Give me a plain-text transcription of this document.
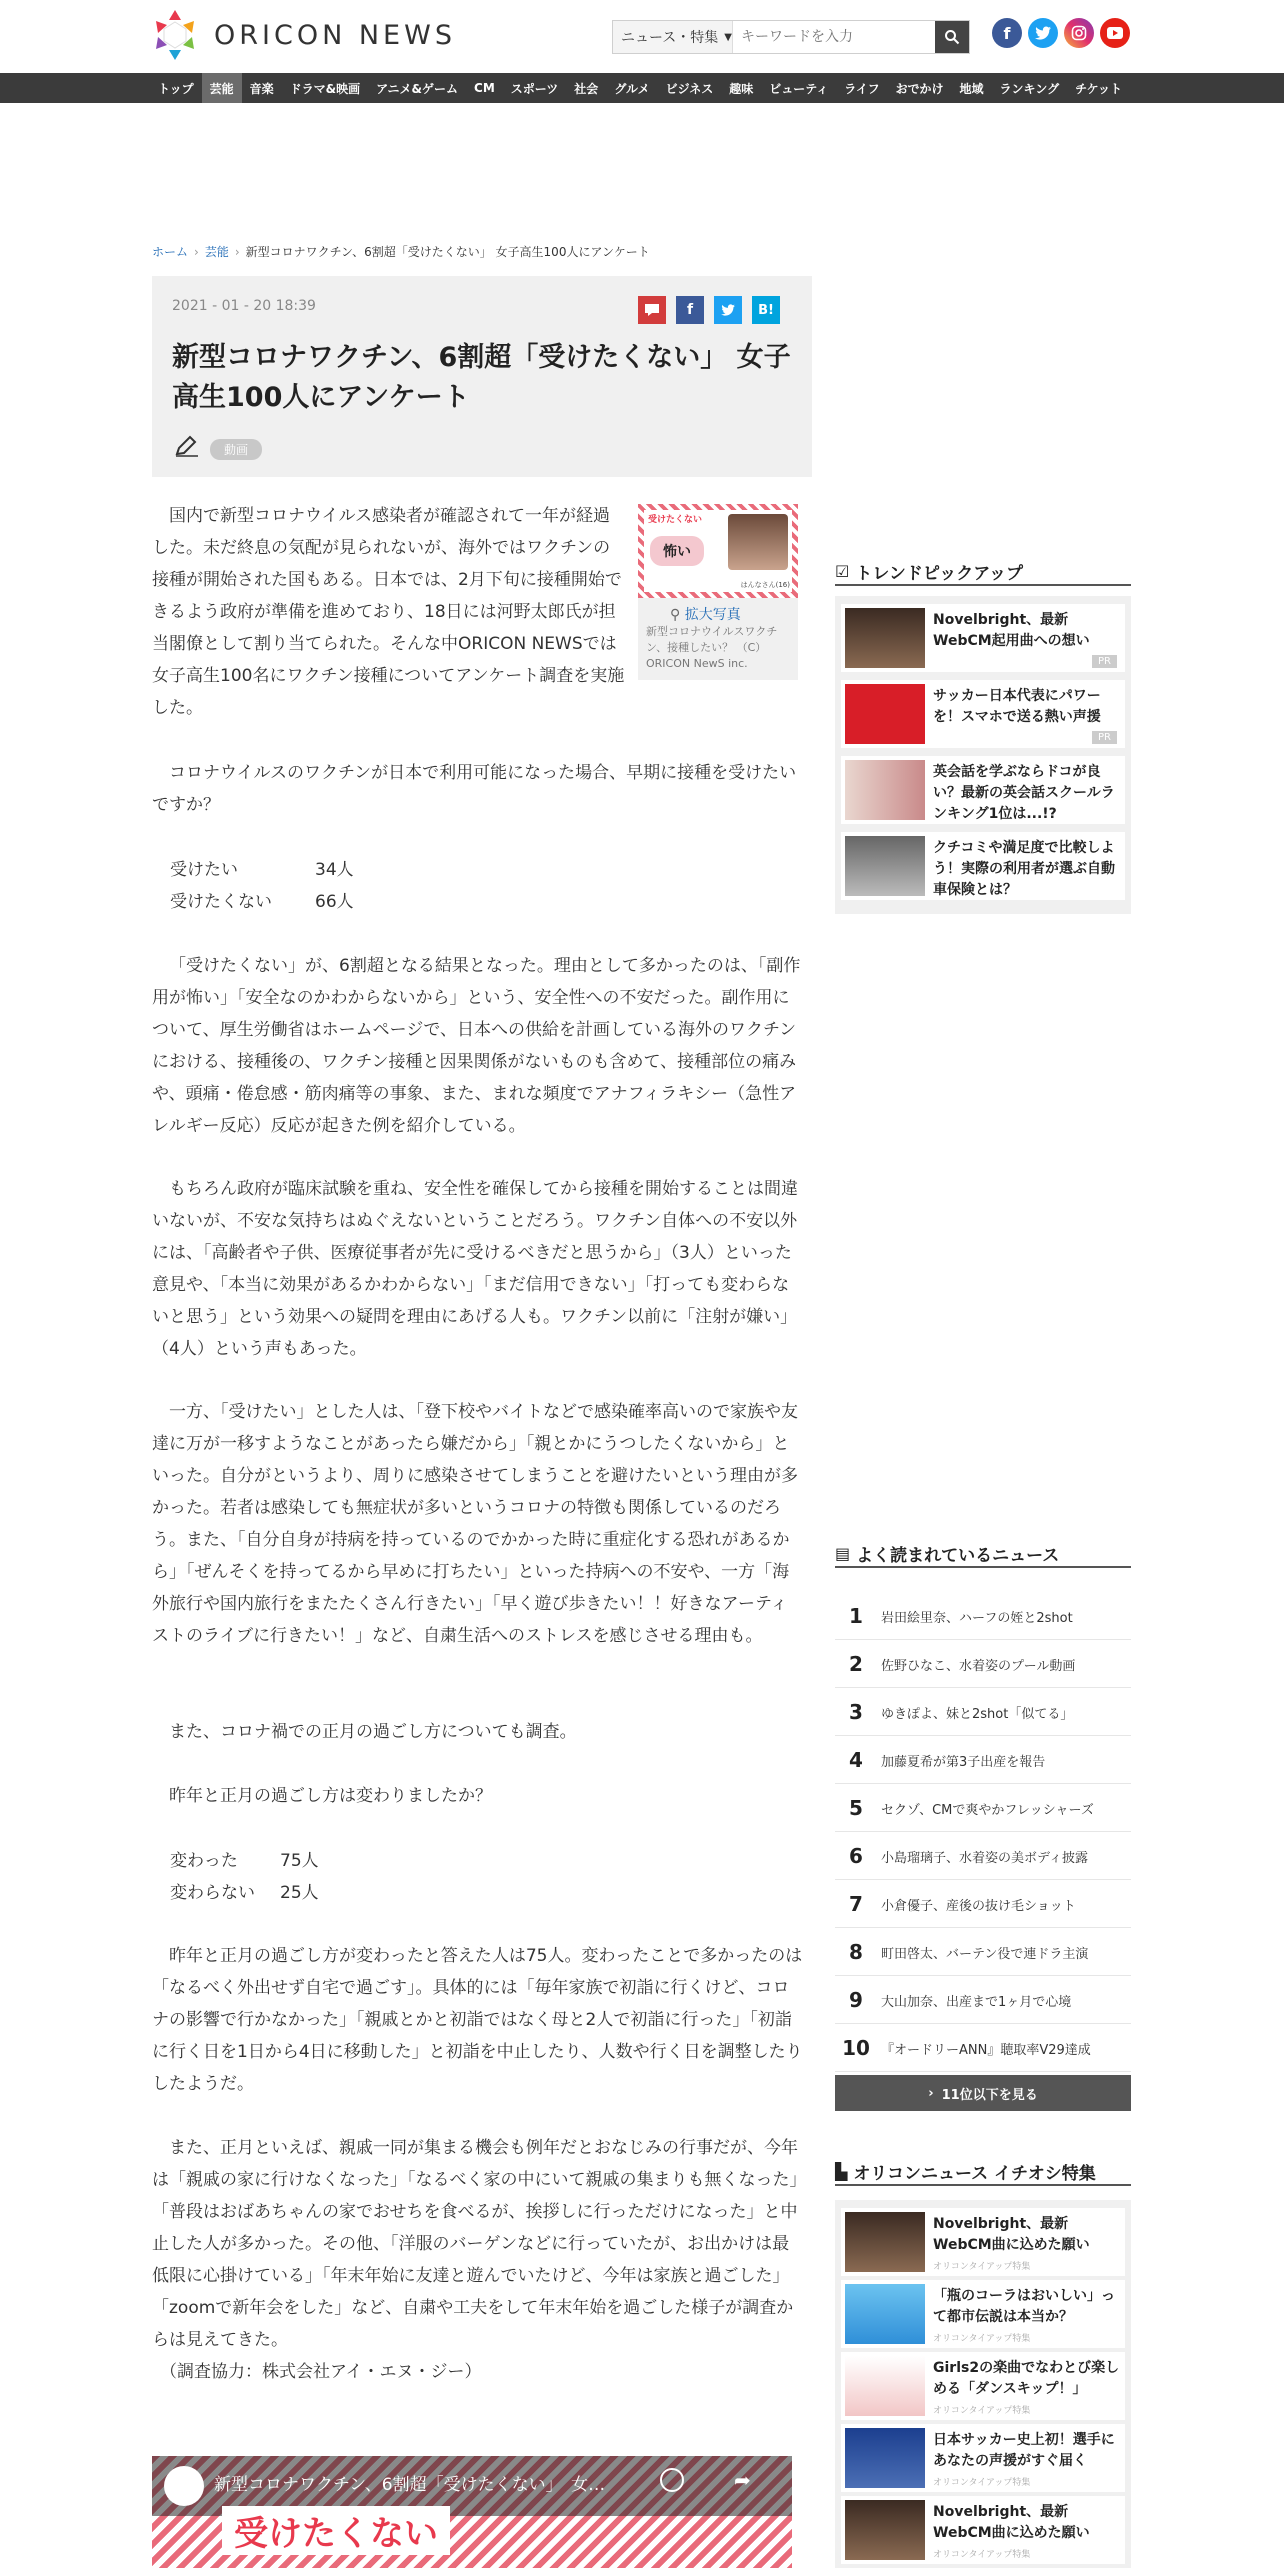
ORICON NEWS	ニュース・特集 ▼
キーワードを入力	f
トップ	芸能	音楽	ドラマ&映画	アニメ&ゲーム	CM	スポーツ	社会	グルメ	ビジネス	趣味	ビューティ	ライフ	おでかけ	地域	ランキング	チケット
ホーム › 芸能 › 新型コロナワクチン、6割超「受けたくない」 女子高生100人にアンケート
2021 - 01 - 20 18:39	f	B!
新型コロナワクチン、6割超「受けたくない」 女子高生100人にアンケート
動画
受けたくない
怖い
はんなさん(16)
⚲ 拡大写真
新型コロナウイルスワクチン、接種したい？ （C）ORICON NewS inc.

国内で新型コロナウイルス感染者が確認されて一年が経過した。未だ終息の気配が見られないが、海外ではワクチンの接種が開始された国もある。日本では、2月下旬に接種開始できるよう政府が準備を進めており、18日には河野太郎氏が担当閣僚として割り当てられた。そんな中ORICON NEWSでは女子高生100名にワクチン接種についてアンケート調査を実施した。

コロナウイルスのワクチンが日本で利用可能になった場合、早期に接種を受けたいですか？

受けたい	34人
受けたくない	66人

「受けたくない」が、6割超となる結果となった。理由として多かったのは、「副作用が怖い」「安全なのかわからないから」という、安全性への不安だった。副作用について、厚生労働省はホームページで、日本への供給を計画している海外のワクチンにおける、接種後の、ワクチン接種と因果関係がないものも含めて、接種部位の痛みや、頭痛・倦怠感・筋肉痛等の事象、また、まれな頻度でアナフィラキシー（急性アレルギー反応）反応が起きた例を紹介している。

もちろん政府が臨床試験を重ね、安全性を確保してから接種を開始することは間違いないが、不安な気持ちはぬぐえないということだろう。ワクチン自体への不安以外には、「高齢者や子供、医療従事者が先に受けるべきだと思うから」（3人）といった意見や、「本当に効果があるかわからない」「まだ信用できない」「打っても変わらないと思う」という効果への疑問を理由にあげる人も。ワクチン以前に「注射が嫌い」（4人）という声もあった。

一方、「受けたい」とした人は、「登下校やバイトなどで感染確率高いので家族や友達に万が一移すようなことがあったら嫌だから」「親とかにうつしたくないから」といった。自分がというより、周りに感染させてしまうことを避けたいという理由が多かった。若者は感染しても無症状が多いというコロナの特徴も関係しているのだろう。また、「自分自身が持病を持っているのでかかった時に重症化する恐れがあるから」「ぜんそくを持ってるから早めに打ちたい」といった持病への不安や、一方「海外旅行や国内旅行をまたたくさん行きたい」「早く遊び歩きたい！！好きなアーティストのライブに行きたい！」など、自粛生活へのストレスを感じさせる理由も。

また、コロナ禍での正月の過ごし方についても調査。

昨年と正月の過ごし方は変わりましたか？

変わった	75人
変わらない	25人

昨年と正月の過ごし方が変わったと答えた人は75人。変わったことで多かったのは「なるべく外出せず自宅で過ごす」。具体的には「毎年家族で初詣に行くけど、コロナの影響で行かなかった」「親戚とかと初詣ではなく母と2人で初詣に行った」「初詣に行く日を1日から4日に移動した」と初詣を中止したり、人数や行く日を調整したりしたようだ。

また、正月といえば、親戚一同が集まる機会も例年だとおなじみの行事だが、今年は「親戚の家に行けなくなった」「なるべく家の中にいて親戚の集まりも無くなった」「普段はおばあちゃんの家でおせちを食べるが、挨拶しに行っただけになった」と中止した人が多かった。その他、「洋服のバーゲンなどに行っていたが、お出かけは最低限に心掛けている」「年末年始に友達と遊んでいたけど、今年は家族と過ごした」「zoomで新年会をした」など、自粛や工夫をして年末年始を過ごした様子が調査からは見えてきた。

（調査協力：株式会社アイ・エヌ・ジー）

新型コロナワクチン、6割超「受けたくない」　女…	➦
受けたくない
☑ トレンドピックアップ
Novelbright、最新WebCM起用曲への想い
PR
サッカー日本代表にパワーを！スマホで送る熱い声援
PR
英会話を学ぶならドコが良い？最新の英会話スクールランキング1位は...!?
クチコミや満足度で比較しよう！実際の利用者が選ぶ自動車保険とは？
▤ よく読まれているニュース
1	岩田絵里奈、ハーフの姪と2shot
2	佐野ひなこ、水着姿のプール動画
3	ゆきぽよ、妹と2shot「似てる」
4	加藤夏希が第3子出産を報告
5	セクゾ、CMで爽やかフレッシャーズ
6	小島瑠璃子、水着姿の美ボディ披露
7	小倉優子、産後の抜け毛ショット
8	町田啓太、バーテン役で連ドラ主演
9	大山加奈、出産まで1ヶ月で心境
10 『オードリーANN』聴取率V29達成
› 11位以下を見る
▙ オリコンニュース イチオシ特集
Novelbright、最新WebCM曲に込めた願い
オリコンタイアップ特集
「瓶のコーラはおいしい」って都市伝説は本当か？
オリコンタイアップ特集
Girls2の楽曲でなわとび楽しめる「ダンスキップ！」
オリコンタイアップ特集
日本サッカー史上初！選手にあなたの声援がすぐ届く
オリコンタイアップ特集
Novelbright、最新WebCM曲に込めた願い
オリコンタイアップ特集
